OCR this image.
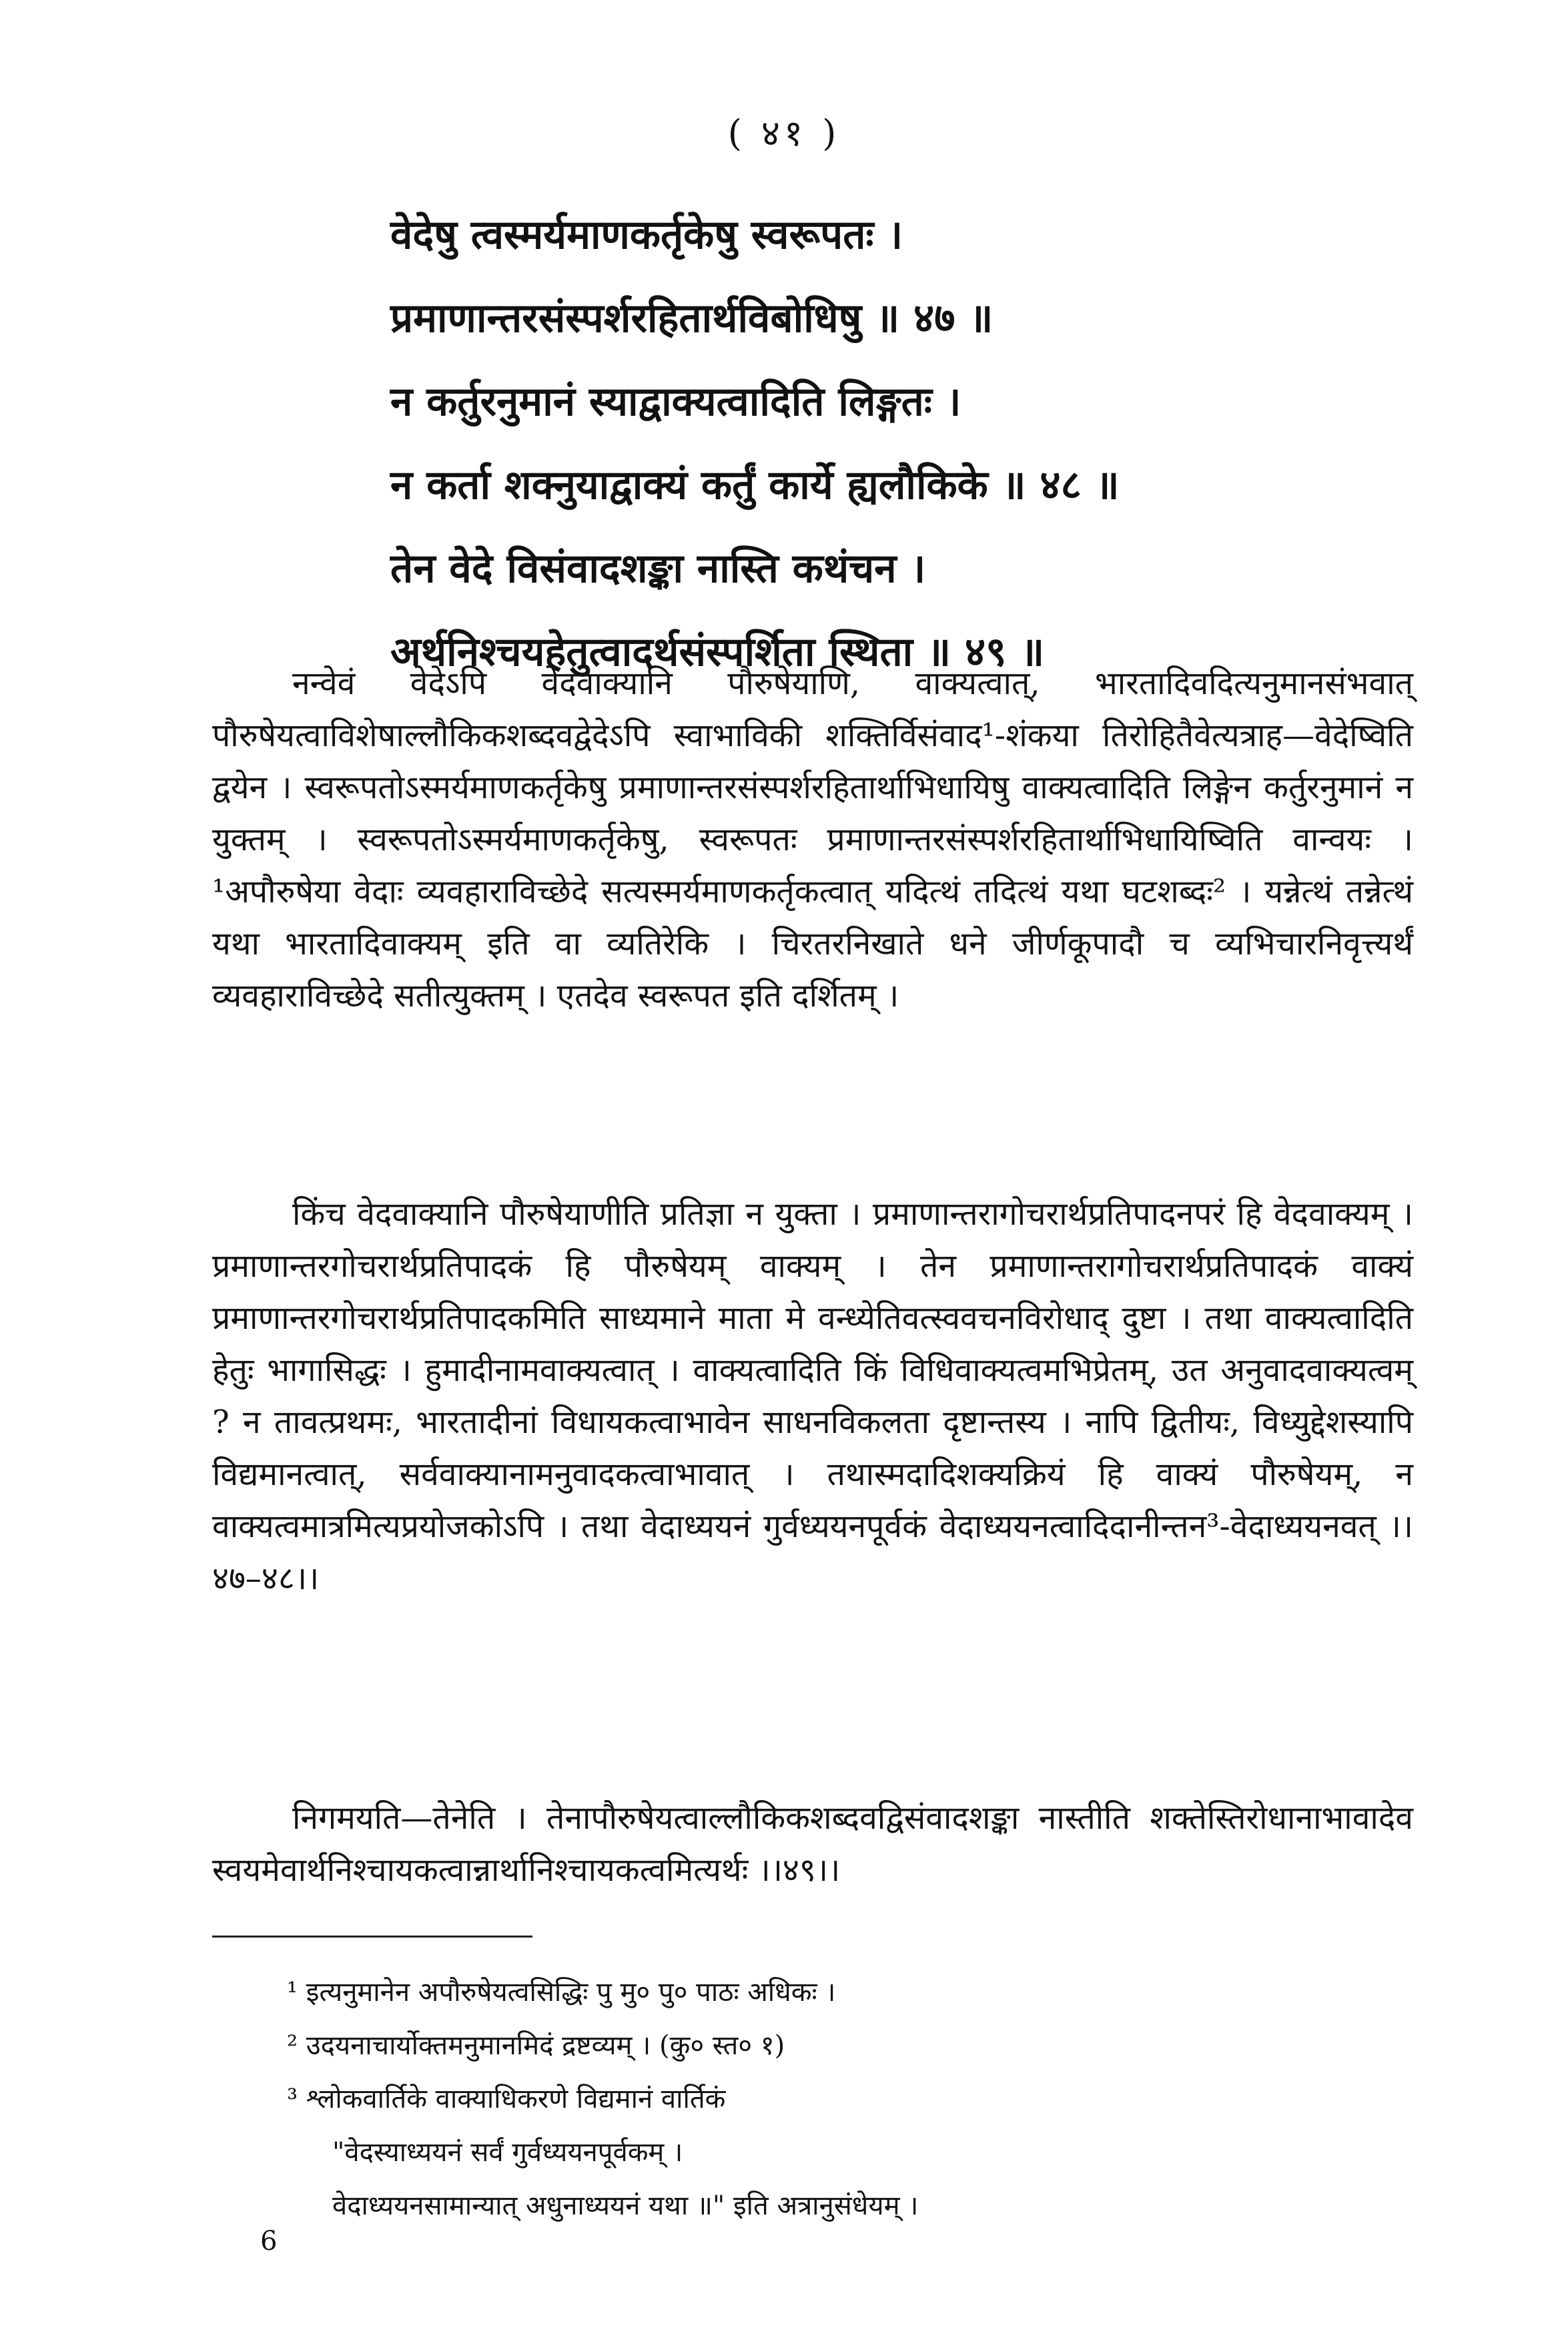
( ४१ )
वेदेषु त्वस्मर्यमाणकर्तृकेषु स्वरूपतः ।
प्रमाणान्तरसंस्पर्शरहितार्थविबोधिषु ॥ ४७ ॥
न कर्तुरनुमानं स्याद्वाक्यत्वादिति लिङ्गतः ।
न कर्ता शक्नुयाद्वाक्यं कर्तुं कार्ये ह्यलौकिके ॥ ४८ ॥
तेन वेदे विसंवादशङ्का नास्ति कथंचन ।
अर्थनिश्चयहेतुत्वादर्थसंस्पर्शिता स्थिता ॥ ४९ ॥

नन्वेवं वेदेऽपि वेदवाक्यानि पौरुषेयाणि, वाक्यत्वात्, भारतादिवदित्यनुमानसंभवात् पौरुषेयत्वाविशेषाल्लौकिकशब्दवद्वेदेऽपि स्वाभाविकी शक्तिर्विसंवाद¹-शंकया तिरोहितैवेत्यत्राह—वेदेष्विति द्वयेन । स्वरूपतोऽस्मर्यमाणकर्तृकेषु प्रमाणान्तरसंस्पर्शरहितार्थाभिधायिषु वाक्यत्वादिति लिङ्गेन कर्तुरनुमानं न युक्तम् । स्वरूपतोऽस्मर्यमाणकर्तृकेषु, स्वरूपतः प्रमाणान्तरसंस्पर्शरहितार्थाभिधायिष्विति वान्वयः । ¹अपौरुषेया वेदाः व्यवहाराविच्छेदे सत्यस्मर्यमाणकर्तृकत्वात् यदित्थं तदित्थं यथा घटशब्दः² । यन्नेत्थं तन्नेत्थं यथा भारतादिवाक्यम् इति वा व्यतिरेकि । चिरतरनिखाते धने जीर्णकूपादौ च व्यभिचारनिवृत्त्यर्थं व्यवहाराविच्छेदे सतीत्युक्तम् । एतदेव स्वरूपत इति दर्शितम् ।

किंच वेदवाक्यानि पौरुषेयाणीति प्रतिज्ञा न युक्ता । प्रमाणान्तरागोचरार्थप्रतिपादनपरं हि वेदवाक्यम् । प्रमाणान्तरगोचरार्थप्रतिपादकं हि पौरुषेयम् वाक्यम् । तेन प्रमाणान्तरागोचरार्थप्रतिपादकं वाक्यं प्रमाणान्तरगोचरार्थप्रतिपादकमिति साध्यमाने माता मे वन्ध्येतिवत्स्ववचनविरोधाद् दुष्टा । तथा वाक्यत्वादिति हेतुः भागासिद्धः । हुमादीनामवाक्यत्वात् । वाक्यत्वादिति किं विधिवाक्यत्वमभिप्रेतम्, उत अनुवादवाक्यत्वम् ? न तावत्प्रथमः, भारतादीनां विधायकत्वाभावेन साधनविकलता दृष्टान्तस्य । नापि द्वितीयः, विध्युद्देशस्यापि विद्यमानत्वात्, सर्ववाक्यानामनुवादकत्वाभावात् । तथास्मदादिशक्यक्रियं हि वाक्यं पौरुषेयम्, न वाक्यत्वमात्रमित्यप्रयोजकोऽपि । तथा वेदाध्ययनं गुर्वध्ययनपूर्वकं वेदाध्ययनत्वादिदानीन्तन³-वेदाध्ययनवत् ।।४७–४८।।

निगमयति—तेनेति । तेनापौरुषेयत्वाल्लौकिकशब्दवद्विसंवादशङ्का नास्तीति शक्तेस्तिरोधानाभावादेव स्वयमेवार्थनिश्चायकत्वान्नार्थानिश्चायकत्वमित्यर्थः ।।४९।।

¹ इत्यनुमानेन अपौरुषेयत्वसिद्धिः पु मु० पु० पाठः अधिकः ।
² उदयनाचार्योक्तमनुमानमिदं द्रष्टव्यम् । (कु० स्त० १)
³ श्लोकवार्तिके वाक्याधिकरणे विद्यमानं वार्तिकं
"वेदस्याध्ययनं सर्वं गुर्वध्ययनपूर्वकम् ।
वेदाध्ययनसामान्यात् अधुनाध्ययनं यथा ॥" इति अत्रानुसंधेयम् ।
6
